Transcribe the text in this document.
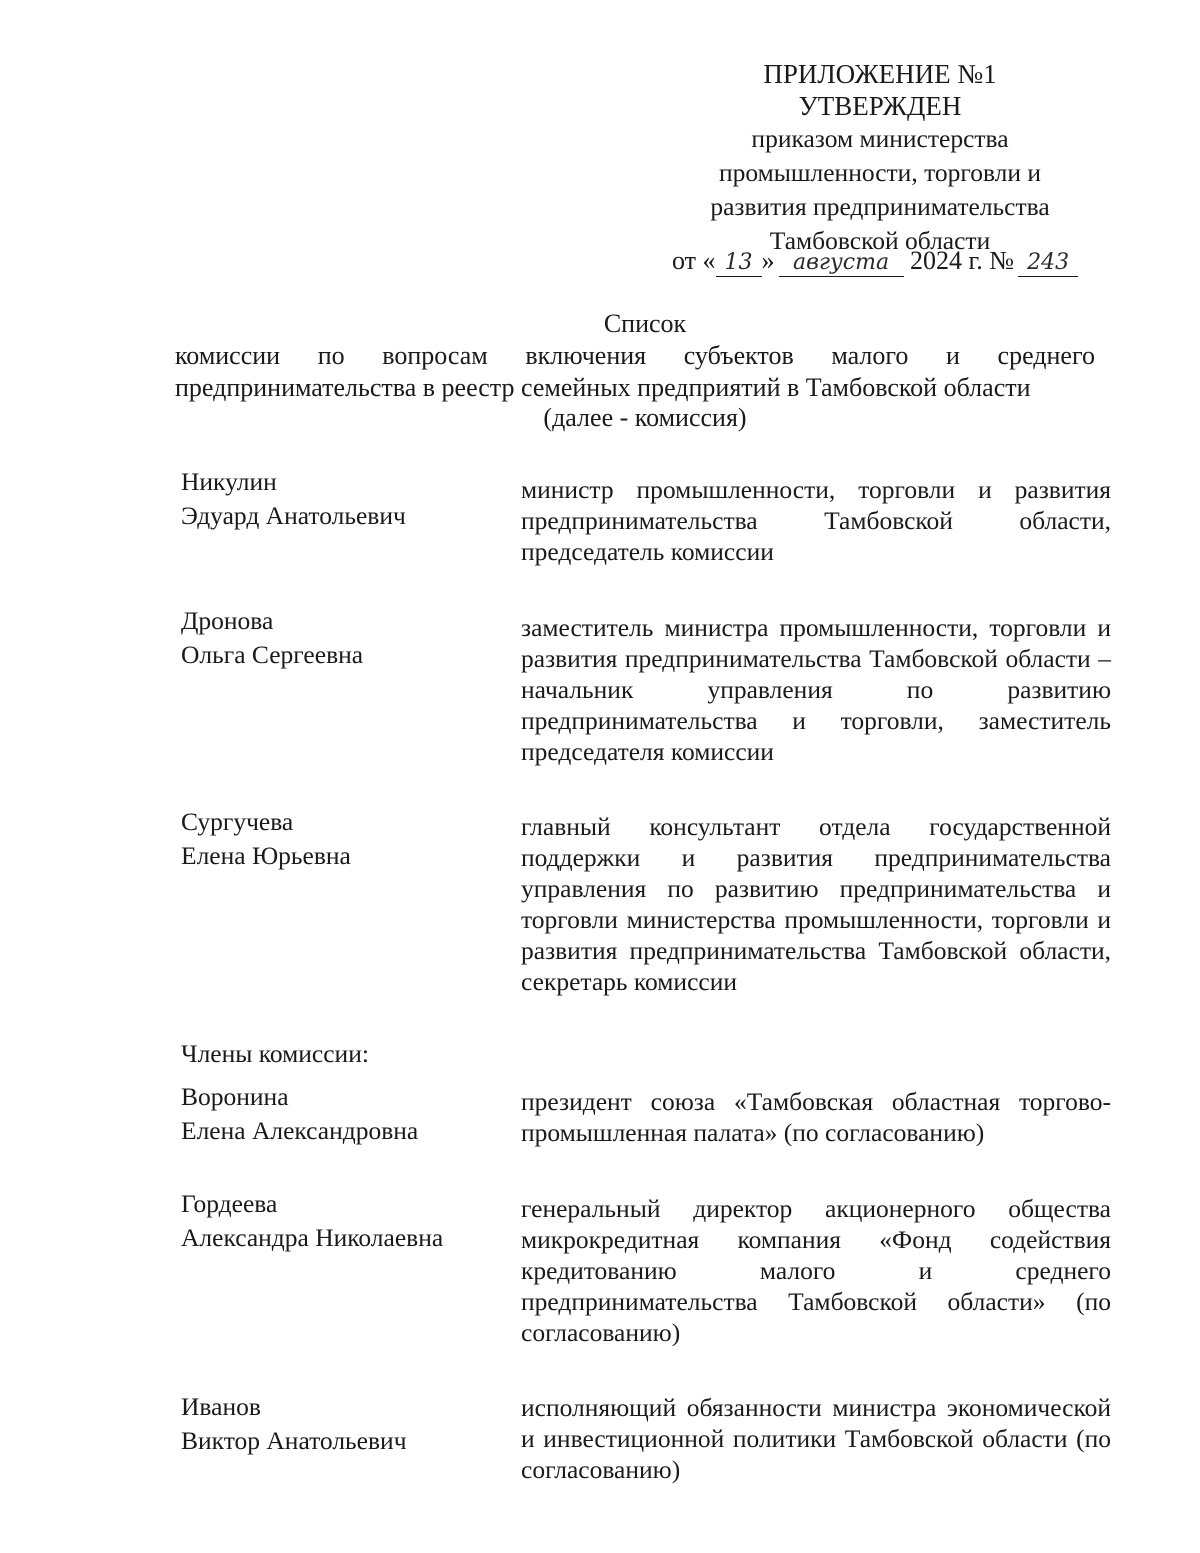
ПРИЛОЖЕНИЕ №1
УТВЕРЖДЕН
приказом министерства
промышленности, торговли и
развития предпринимательства
Тамбовской области
от « 13 » августа 2024 г. № 243
Список
комиссии по вопросам включения субъектов малого и среднего
предпринимательства в реестр семейных предприятий в Тамбовской области
(далее - комиссия)
Никулин
Эдуард Анатольевич
министр промышленности, торговли и развития предпринимательства Тамбовской области, председатель комиссии
Дронова
Ольга Сергеевна
заместитель министра промышленности, торговли и развития предпринимательства Тамбовской области – начальник управления по развитию предпринимательства и торговли, заместитель председателя комиссии
Сургучева
Елена Юрьевна
главный консультант отдела государственной поддержки и развития предпринимательства управления по развитию предпринимательства и торговли министерства промышленности, торговли и развития предпринимательства Тамбовской области, секретарь комиссии
Члены комиссии:
Воронина
Елена Александровна
президент союза «Тамбовская областная торгово-промышленная палата» (по согласованию)
Гордеева
Александра Николаевна
генеральный директор акционерного общества микрокредитная компания «Фонд содействия кредитованию малого и среднего предпринимательства Тамбовской области» (по согласованию)
Иванов
Виктор Анатольевич
исполняющий обязанности министра экономической и инвестиционной политики Тамбовской области (по согласованию)
